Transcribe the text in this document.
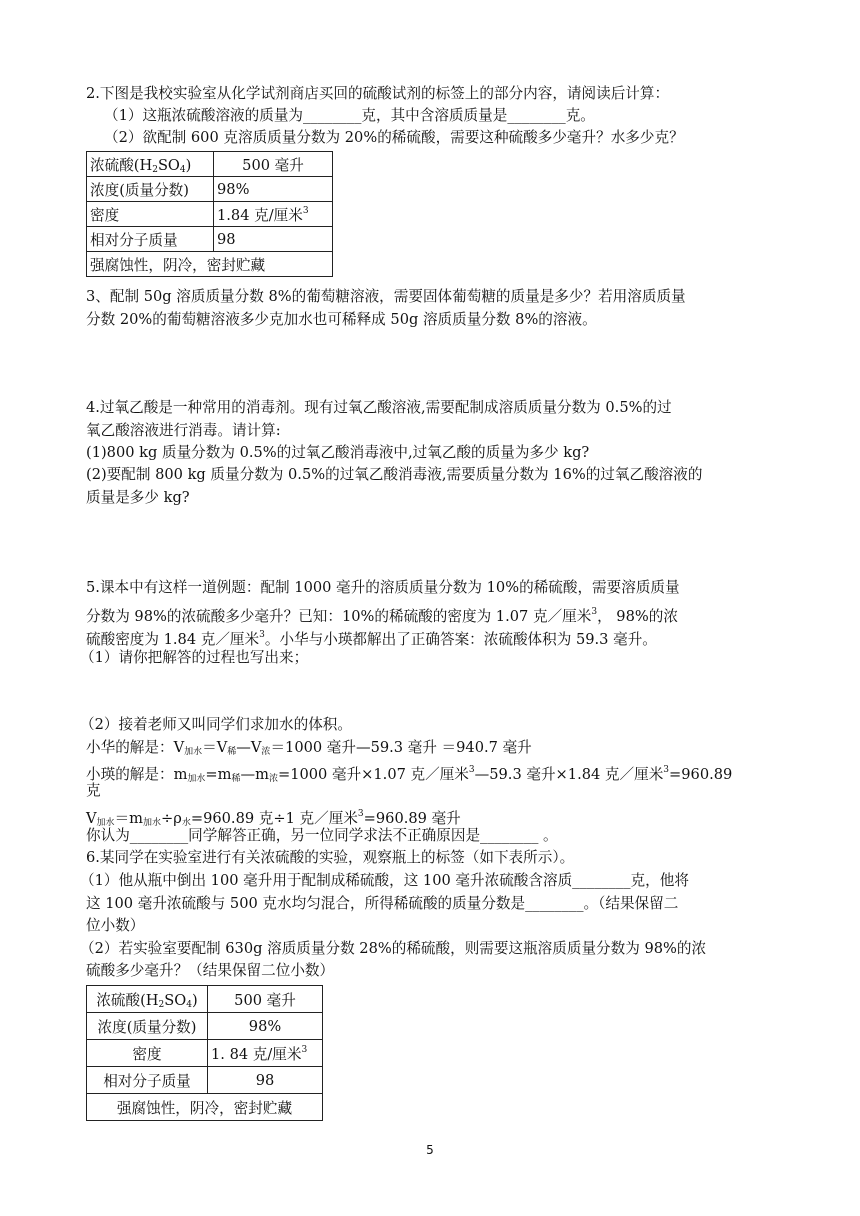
2.下图是我校实验室从化学试剂商店买回的硫酸试剂的标签上的部分内容，请阅读后计算：
（1）这瓶浓硫酸溶液的质量为________克，其中含溶质质量是________克。
（2）欲配制 600 克溶质质量分数为 20%的稀硫酸，需要这种硫酸多少毫升？水多少克？
浓硫酸$(H_2SO_4)$	500 毫升
浓度(质量分数)	98%
密度	1.84 克/厘米$^3$
相对分子质量	98
强腐蚀性，阴冷，密封贮藏	
3、配制 50g 溶质质量分数 8%的葡萄糖溶液，需要固体葡萄糖的质量是多少？若用溶质质量
分数 20%的葡萄糖溶液多少克加水也可稀释成 50g 溶质质量分数 8%的溶液。
4.过氧乙酸是一种常用的消毒剂。现有过氧乙酸溶液,需要配制成溶质质量分数为 0.5%的过
氧乙酸溶液进行消毒。请计算:
(1)800 kg 质量分数为 0.5%的过氧乙酸消毒液中,过氧乙酸的质量为多少 kg?
(2)要配制 800 kg 质量分数为 0.5%的过氧乙酸消毒液,需要质量分数为 16%的过氧乙酸溶液的
质量是多少 kg?
5.课本中有这样一道例题：配制 1000 毫升的溶质质量分数为 10%的稀硫酸，需要溶质质量
分数为 98%的浓硫酸多少毫升？已知：10%的稀硫酸的密度为 1.07 克／厘米$^3$， 98%的浓
硫酸密度为 1.84 克／厘米$^3$。小华与小瑛都解出了正确答案：浓硫酸体积为 59.3 毫升。
（1）请你把解答的过程也写出来；
（2）接着老师又叫同学们求加水的体积。
小华的解是：$V_{加水}=V_稀—V_浓=1000$ 毫升—59.3 毫升 ＝940.7 毫升
小瑛的解是：$m_{加水}=m_稀—m_浓=1000$ 毫升×1.07 克／厘米$^3$—59.3 毫升×1.84 克／厘米$^3$=960.89
克
$V_{加水}=m_{加水}\div\rho_水=960.89$ 克÷1 克／厘米$^3$=960.89 毫升
你认为________同学解答正确，另一位同学求法不正确原因是________ 。
6.某同学在实验室进行有关浓硫酸的实验，观察瓶上的标签（如下表所示）。
（1）他从瓶中倒出 100 毫升用于配制成稀硫酸，这 100 毫升浓硫酸含溶质________克，他将
这 100 毫升浓硫酸与 500 克水均匀混合，所得稀硫酸的质量分数是________。（结果保留二
位小数）
（2）若实验室要配制 630g 溶质质量分数 28%的稀硫酸，则需要这瓶溶质质量分数为 98%的浓
硫酸多少毫升？（结果保留二位小数）
浓硫酸$(H_2SO_4)$	500 毫升
浓度(质量分数)	98%
密度	1. 84 克/厘米$^3$
相对分子质量	98
强腐蚀性，阴冷，密封贮藏	
5
